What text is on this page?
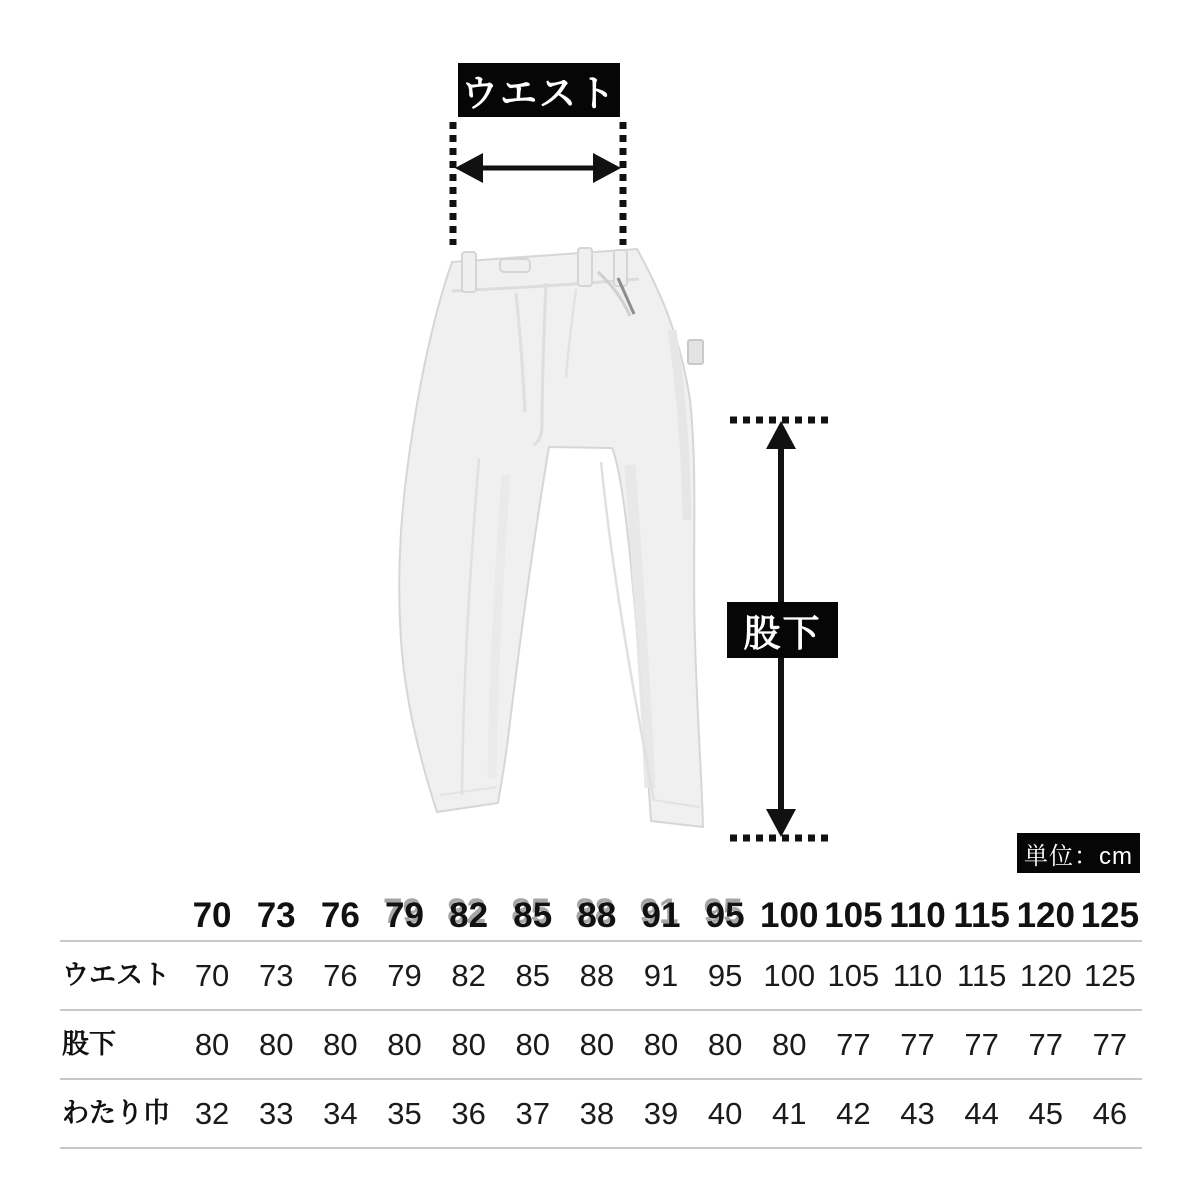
ウエスト
股下
単位：cm
70 73 76 79 82 85 88 91 95 100 105 110 115 120 125
ウエスト 70 73 76 79 82 85 88 91 95 100 105 110 115 120 125
股下	80 80 80 80 80 80 80 80 80 80 77 77 77 77 77
わたり巾 32 33 34 35 36 37 38 39 40 41 42 43 44 45 46
